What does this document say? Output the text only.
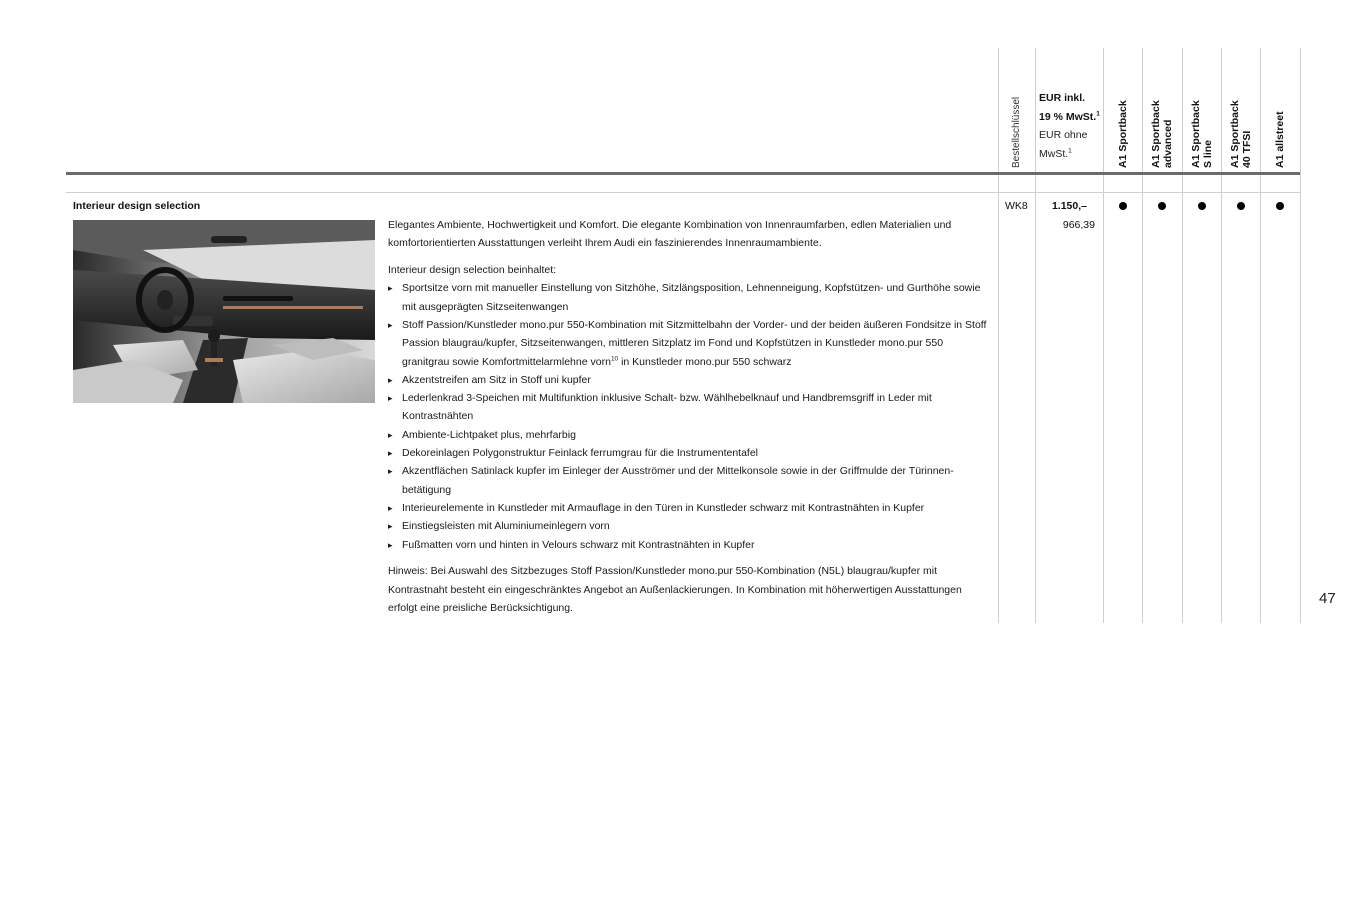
Bestellschlüssel EUR inkl.
19 % MwSt.$^1$
EUR ohne
MwSt.$^1$	A1 Sportback A1 Sportback advanced A1 Sportback S line A1 Sportback 40 TFSI A1 allstreet
Interieur design selection

Elegantes Ambiente, Hochwertigkeit und Komfort. Die elegante Kombination von Innenraumfarben, edlen Materialien und komfortorientierten Ausstattungen verleiht Ihrem Audi ein faszinierendes Innenraumambiente.

Interieur design selection beinhaltet:

▸ Sportsitze vorn mit manueller Einstellung von Sitzhöhe, Sitzlängsposition, Lehnenneigung, Kopfstützen- und Gurthöhe sowie mit ausgeprägten Sitzseitenwangen
▸ Stoff Passion/Kunstleder mono.pur 550-Kombination mit Sitzmittelbahn der Vorder- und der beiden äußeren Fondsitze in Stoff Passion blaugrau/kupfer, Sitzseitenwangen, mittleren Sitzplatz im Fond und Kopfstützen in Kunstleder mono.pur 550 granitgrau sowie Komfortmittelarmlehne vorn$^{10}$ in Kunstleder mono.pur 550 schwarz
▸ Akzentstreifen am Sitz in Stoff uni kupfer
▸ Lederlenkrad 3-Speichen mit Multifunktion inklusive Schalt- bzw. Wählhebelknauf und Handbremsgriff in Leder mit Kontrastnähten
▸ Ambiente-Lichtpaket plus, mehrfarbig
▸ Dekoreinlagen Polygonstruktur Feinlack ferrumgrau für die Instrumententafel
▸ Akzentflächen Satinlack kupfer im Einleger der Ausströmer und der Mittelkonsole sowie in der Griffmulde der Türinnenbetätigung
▸ Interieurelemente in Kunstleder mit Armauflage in den Türen in Kunstleder schwarz mit Kontrastnähten in Kupfer
▸ Einstiegsleisten mit Aluminiumeinlegern vorn
▸ Fußmatten vorn und hinten in Velours schwarz mit Kontrastnähten in Kupfer

Hinweis: Bei Auswahl des Sitzbezuges Stoff Passion/Kunstleder mono.pur 550-Kombination (N5L) blaugrau/kupfer mit Kontrastnaht besteht ein eingeschränktes Angebot an Außenlackierungen. In Kombination mit höherwertigen Ausstattungen erfolgt eine preisliche Berücksichtigung.

WK8	1.150,–
966,39
47
